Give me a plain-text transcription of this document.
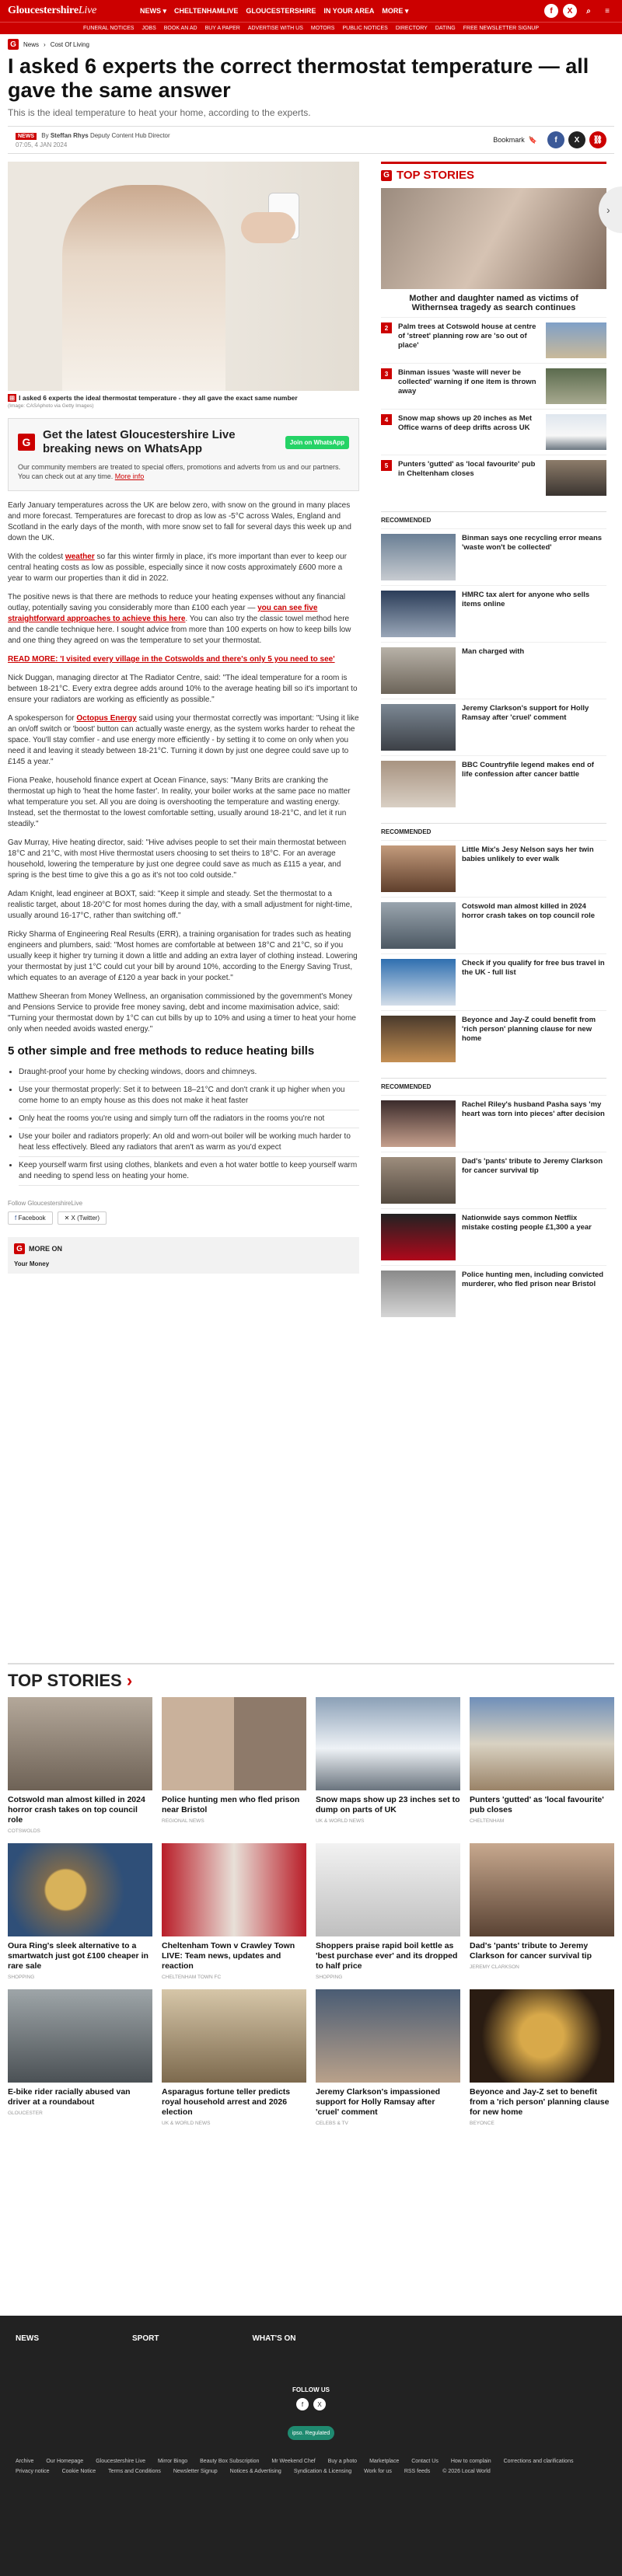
GloucestershireLive	NEWS ▾ CHELTENHAMLIVE GLOUCESTERSHIRE IN YOUR AREA MORE ▾	f	X	⌕	≡
FUNERAL NOTICES JOBS BOOK AN AD BUY A PAPER ADVERTISE WITH US MOTORS PUBLIC NOTICES DIRECTORY DATING FREE NEWSLETTER SIGNUP
G	News › Cost Of Living
I asked 6 experts the correct thermostat temperature — all gave the same answer
This is the ideal temperature to heat your home, according to the experts.
NEWS By Steffan Rhys Deputy Content Hub Director
07:05, 4 JAN 2024
Bookmark 🔖	f	X	⛓
›
⊞ I asked 6 experts the ideal thermostat temperature - they all gave the exact same number
(Image: CASAphoto via Getty Images)
G
Get the latest Gloucestershire Live breaking news on WhatsApp	Join on WhatsApp

Our community members are treated to special offers, promotions and adverts from us and our partners. You can check out at any time. More info

Early January temperatures across the UK are below zero, with snow on the ground in many places and more forecast. Temperatures are forecast to drop as low as -5°C across Wales, England and Scotland in the early days of the month, with more snow set to fall for several days this week up and down the UK.

With the coldest weather so far this winter firmly in place, it's more important than ever to keep our central heating costs as low as possible, especially since it now costs approximately £600 more a year to warm our properties than it did in 2022.

The positive news is that there are methods to reduce your heating expenses without any financial outlay, potentially saving you considerably more than £100 each year — you can see five straightforward approaches to achieve this here. You can also try the classic towel method here and the candle technique here. I sought advice from more than 100 experts on how to keep bills low and one thing they agreed on was the temperature to set your thermostat.

READ MORE: 'I visited every village in the Cotswolds and there's only 5 you need to see'

Nick Duggan, managing director at The Radiator Centre, said: "The ideal temperature for a room is between 18-21°C. Every extra degree adds around 10% to the average heating bill so it's important to ensure your radiators are working as efficiently as possible."

A spokesperson for Octopus Energy said using your thermostat correctly was important: "Using it like an on/off switch or 'boost' button can actually waste energy, as the system works harder to reheat the space. You'll stay comfier - and use energy more efficiently - by setting it to come on only when you need it and leaving it steady between 18-21°C. Turning it down by just one degree could save up to £145 a year."

Fiona Peake, household finance expert at Ocean Finance, says: "Many Brits are cranking the thermostat up high to 'heat the home faster'. In reality, your boiler works at the same pace no matter what temperature you set. All you are doing is overshooting the temperature and wasting energy. Instead, set the thermostat to the lowest comfortable setting, usually around 18-21°C, and let it run steadily."

Gav Murray, Hive heating director, said: "Hive advises people to set their main thermostat between 18°C and 21°C, with most Hive thermostat users choosing to set theirs to 18°C. For an average household, lowering the temperature by just one degree could save as much as £115 a year, and spring is the best time to give this a go as it's not too cold outside."

Adam Knight, lead engineer at BOXT, said: "Keep it simple and steady. Set the thermostat to a realistic target, about 18-20°C for most homes during the day, with a small adjustment for night-time, usually around 16-17°C, rather than switching off."

Ricky Sharma of Engineering Real Results (ERR), a training organisation for trades such as heating engineers and plumbers, said: "Most homes are comfortable at between 18°C and 21°C, so if you usually keep it higher try turning it down a little and adding an extra layer of clothing instead. Lowering your thermostat by just 1°C could cut your bill by around 10%, according to the Energy Saving Trust, which equates to an average of £120 a year back in your pocket."

Matthew Sheeran from Money Wellness, an organisation commissioned by the government's Money and Pensions Service to provide free money saving, debt and income maximisation advice, said: "Turning your thermostat down by 1°C can cut bills by up to 10% and using a timer to heat your home only when needed avoids wasted energy."

5 other simple and free methods to reduce heating bills
• Draught-proof your home by checking windows, doors and chimneys.
• Use your thermostat properly: Set it to between 18–21°C and don't crank it up higher when you come home to an empty house as this does not make it heat faster
• Only heat the rooms you're using and simply turn off the radiators in the rooms you're not
• Use your boiler and radiators properly: An old and worn-out boiler will be working much harder to heat less effectively. Bleed any radiators that aren't as warm as you'd expect
• Keep yourself warm first using clothes, blankets and even a hot water bottle to keep yourself warm and needing to spend less on heating your home.
Follow GloucestershireLive
f Facebook	✕ X (Twitter)
G MORE ON
Your Money
G TOP STORIES
Mother and daughter named as victims of Withernsea tragedy as search continues
2	Palm trees at Cotswold house at centre of 'street' planning row are 'so out of place'
3	Binman issues 'waste will never be collected' warning if one item is thrown away
4	Snow map shows up 20 inches as Met Office warns of deep drifts across UK
5	Punters 'gutted' as 'local favourite' pub in Cheltenham closes
RECOMMENDED
Binman says one recycling error means 'waste won't be collected'
HMRC tax alert for anyone who sells items online
Man charged with
Jeremy Clarkson's support for Holly Ramsay after 'cruel' comment
BBC Countryfile legend makes end of life confession after cancer battle
RECOMMENDED
Little Mix's Jesy Nelson says her twin babies unlikely to ever walk
Cotswold man almost killed in 2024 horror crash takes on top council role
Check if you qualify for free bus travel in the UK - full list
Beyonce and Jay-Z could benefit from 'rich person' planning clause for new home
RECOMMENDED
Rachel Riley's husband Pasha says 'my heart was torn into pieces' after decision
Dad's 'pants' tribute to Jeremy Clarkson for cancer survival tip
Nationwide says common Netflix mistake costing people £1,300 a year
Police hunting men, including convicted murderer, who fled prison near Bristol
TOP STORIES ›
Cotswold man almost killed in 2024 horror crash takes on top council role
COTSWOLDS
Police hunting men who fled prison near Bristol
REGIONAL NEWS
Snow maps show up 23 inches set to dump on parts of UK
UK & WORLD NEWS
Punters 'gutted' as 'local favourite' pub closes
CHELTENHAM
Oura Ring's sleek alternative to a smartwatch just got £100 cheaper in rare sale
SHOPPING
Cheltenham Town v Crawley Town LIVE: Team news, updates and reaction
CHELTENHAM TOWN FC
Shoppers praise rapid boil kettle as 'best purchase ever' and its dropped to half price
SHOPPING
Dad's 'pants' tribute to Jeremy Clarkson for cancer survival tip
JEREMY CLARKSON
E-bike rider racially abused van driver at a roundabout
GLOUCESTER
Asparagus fortune teller predicts royal household arrest and 2026 election
UK & WORLD NEWS
Jeremy Clarkson's impassioned support for Holly Ramsay after 'cruel' comment
CELEBS & TV
Beyonce and Jay-Z set to benefit from a 'rich person' planning clause for new home
BEYONCE
NEWS	SPORT	WHAT'S ON
FOLLOW US
f	X
ipso. Regulated
Archive Our Homepage Gloucestershire Live Mirror Bingo Beauty Box Subscription Mr Weekend Chef Buy a photo Marketplace Contact Us How to complain Corrections and clarifications
Privacy notice Cookie Notice Terms and Conditions Newsletter Signup Notices & Advertising Syndication & Licensing Work for us RSS feeds © 2026 Local World
